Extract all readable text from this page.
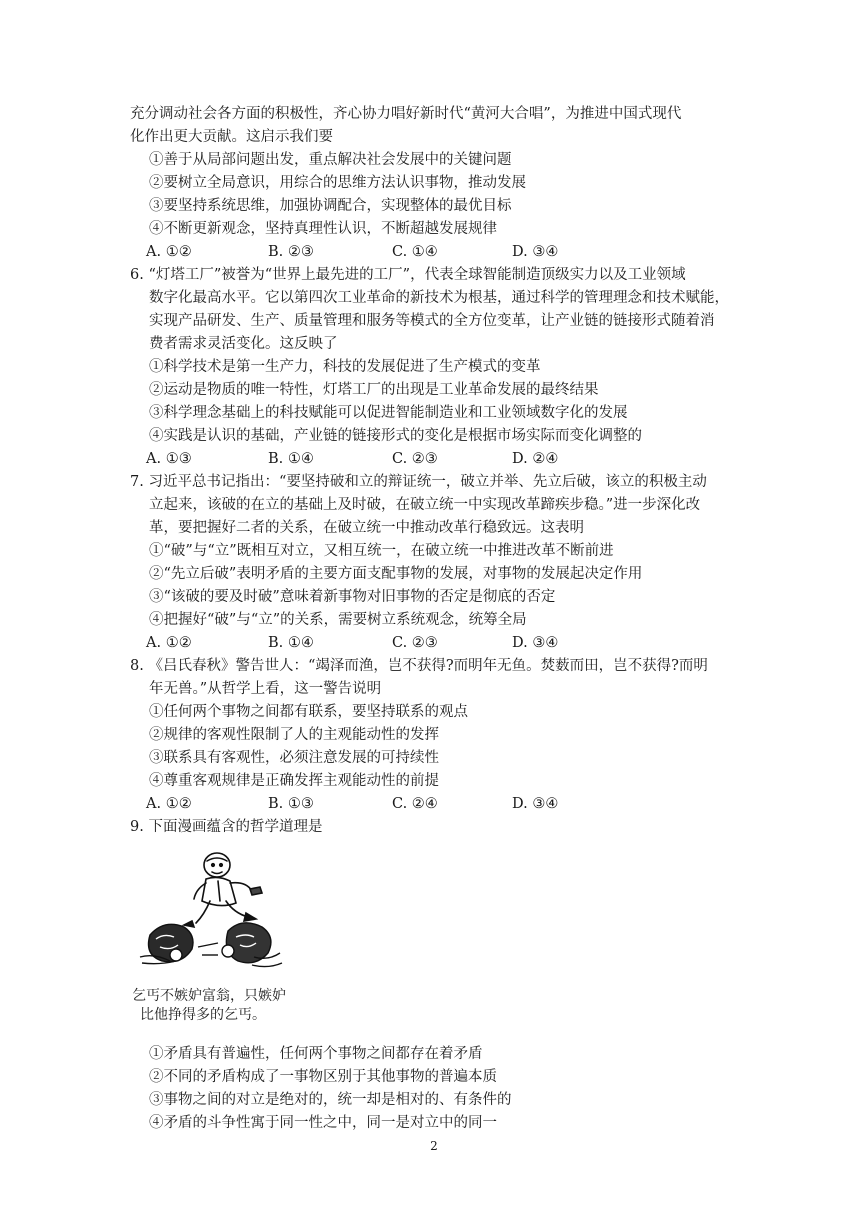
充分调动社会各方面的积极性，齐心协力唱好新时代“黄河大合唱”，为推进中国式现代
化作出更大贡献。这启示我们要
①善于从局部问题出发，重点解决社会发展中的关键问题
②要树立全局意识，用综合的思维方法认识事物，推动发展
③要坚持系统思维，加强协调配合，实现整体的最优目标
④不断更新观念，坚持真理性认识，不断超越发展规律
A. ①②	B. ②③	C. ①④	D. ③④
6. “灯塔工厂”被誉为“世界上最先进的工厂”，代表全球智能制造顶级实力以及工业领域
数字化最高水平。它以第四次工业革命的新技术为根基，通过科学的管理理念和技术赋能，
实现产品研发、生产、质量管理和服务等模式的全方位变革，让产业链的链接形式随着消
费者需求灵活变化。这反映了
①科学技术是第一生产力，科技的发展促进了生产模式的变革
②运动是物质的唯一特性，灯塔工厂的出现是工业革命发展的最终结果
③科学理念基础上的科技赋能可以促进智能制造业和工业领域数字化的发展
④实践是认识的基础，产业链的链接形式的变化是根据市场实际而变化调整的
A. ①③	B. ①④	C. ②③	D. ②④
7. 习近平总书记指出：“要坚持破和立的辩证统一，破立并举、先立后破，该立的积极主动
立起来，该破的在立的基础上及时破，在破立统一中实现改革蹄疾步稳。”进一步深化改
革，要把握好二者的关系，在破立统一中推动改革行稳致远。这表明
①“破”与“立”既相互对立，又相互统一，在破立统一中推进改革不断前进
②“先立后破”表明矛盾的主要方面支配事物的发展，对事物的发展起决定作用
③“该破的要及时破”意味着新事物对旧事物的否定是彻底的否定
④把握好“破”与“立”的关系，需要树立系统观念，统筹全局
A. ①②	B. ①④	C. ②③	D. ③④
8. 《吕氏春秋》警告世人：“竭泽而渔，岂不获得?而明年无鱼。焚薮而田，岂不获得?而明
年无兽。”从哲学上看，这一警告说明
①任何两个事物之间都有联系，要坚持联系的观点
②规律的客观性限制了人的主观能动性的发挥
③联系具有客观性，必须注意发展的可持续性
④尊重客观规律是正确发挥主观能动性的前提
A. ①②	B. ①③	C. ②④	D. ③④
9. 下面漫画蕴含的哲学道理是
乞丐不嫉妒富翁，只嫉妒
比他挣得多的乞丐。
①矛盾具有普遍性，任何两个事物之间都存在着矛盾
②不同的矛盾构成了一事物区别于其他事物的普遍本质
③事物之间的对立是绝对的，统一却是相对的、有条件的
④矛盾的斗争性寓于同一性之中，同一是对立中的同一
2
